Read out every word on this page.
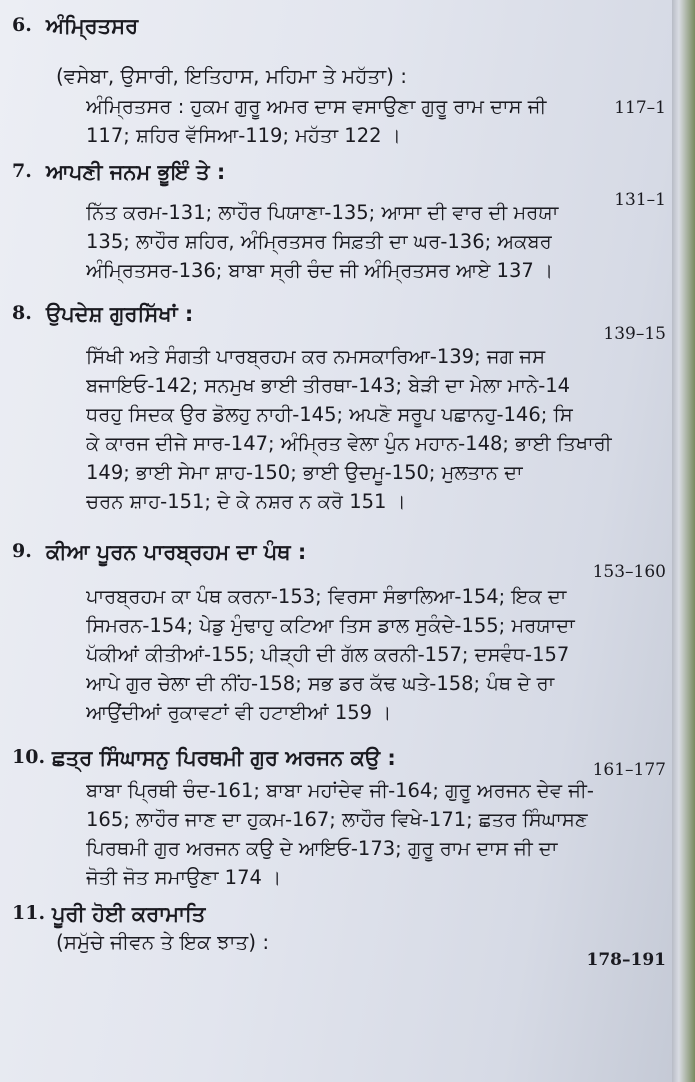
6. ਅੰਮ੍ਰਿਤਸਰ
(ਵਸੇਬਾ, ਉਸਾਰੀ, ਇਤਿਹਾਸ, ਮਹਿਮਾ ਤੇ ਮਹੱਤਾ) :
117–1
ਅੰਮ੍ਰਿਤਸਰ : ਹੁਕਮ ਗੁਰੂ ਅਮਰ ਦਾਸ ਵਸਾਉਣਾ ਗੁਰੂ ਰਾਮ ਦਾਸ ਜੀ
117; ਸ਼ਹਿਰ ਵੱਸਿਆ-119; ਮਹੱਤਾ 122 ।
7. ਆਪਣੀ ਜਨਮ ਭੂਇੰ ਤੇ :
131–1
ਨਿੱਤ ਕਰਮ-131; ਲਾਹੌਰ ਪਿਯਾਣਾ-135; ਆਸਾ ਦੀ ਵਾਰ ਦੀ ਮਰਯਾ
135; ਲਾਹੌਰ ਸ਼ਹਿਰ, ਅੰਮ੍ਰਿਤਸਰ ਸਿਫ਼ਤੀ ਦਾ ਘਰ-136; ਅਕਬਰ
ਅੰਮ੍ਰਿਤਸਰ-136; ਬਾਬਾ ਸ੍ਰੀ ਚੰਦ ਜੀ ਅੰਮ੍ਰਿਤਸਰ ਆਏ 137 ।
8. ਉਪਦੇਸ਼ ਗੁਰਸਿੱਖਾਂ :
139–15
ਸਿੱਖੀ ਅਤੇ ਸੰਗਤੀ ਪਾਰਬ੍ਰਹਮ ਕਰ ਨਮਸਕਾਰਿਆ-139; ਜਗ ਜਸ
ਬਜਾਇਓ-142; ਸਨਮੁਖ ਭਾਈ ਤੀਰਥਾ-143; ਬੇੜੀ ਦਾ ਮੇਲਾ ਮਾਨੇ-14
ਧਰਹੁ ਸਿਦਕ ਉਰ ਡੋਲਹੁ ਨਾਹੀ-145; ਅਪਣੋ ਸਰੂਪ ਪਛਾਨਹੁ-146; ਸਿ
ਕੇ ਕਾਰਜ ਦੀਜੇ ਸਾਰ-147; ਅੰਮ੍ਰਿਤ ਵੇਲਾ ਪੁੰਨ ਮਹਾਨ-148; ਭਾਈ ਤਿਖਾਰੀ
149; ਭਾਈ ਸੇਮਾ ਸ਼ਾਹ-150; ਭਾਈ ਉਦਮੂ-150; ਮੁਲਤਾਨ ਦਾ
ਚਰਨ ਸ਼ਾਹ-151; ਦੇ ਕੇ ਨਸ਼ਰ ਨ ਕਰੋ 151 ।
9. ਕੀਆ ਪੂਰਨ ਪਾਰਬ੍ਰਹਮ ਦਾ ਪੰਥ :
153–160
ਪਾਰਬ੍ਰਹਮ ਕਾ ਪੰਥ ਕਰਨਾ-153; ਵਿਰਸਾ ਸੰਭਾਲਿਆ-154; ਇਕ ਦਾ
ਸਿਮਰਨ-154; ਪੇਡੁ ਮੁੰਢਾਹੁ ਕਟਿਆ ਤਿਸ ਡਾਲ ਸੁਕੰਦੇ-155; ਮਰਯਾਦਾ
ਪੱਕੀਆਂ ਕੀਤੀਆਂ-155; ਪੀੜ੍ਹੀ ਦੀ ਗੱਲ ਕਰਨੀ-157; ਦਸਵੰਧ-157
ਆਪੇ ਗੁਰ ਚੇਲਾ ਦੀ ਨੀਂਹ-158; ਸਭ ਡਰ ਕੱਢ ਘਤੇ-158; ਪੰਥ ਦੇ ਰਾ
ਆਉਂਦੀਆਂ ਰੁਕਾਵਟਾਂ ਵੀ ਹਟਾਈਆਂ 159 ।
10. ਛਤ੍ਰ ਸਿੰਘਾਸਨੁ ਪਿਰਥਮੀ ਗੁਰ ਅਰਜਨ ਕਉ :	161–177
ਬਾਬਾ ਪ੍ਰਿਥੀ ਚੰਦ-161; ਬਾਬਾ ਮਹਾਂਦੇਵ ਜੀ-164; ਗੁਰੂ ਅਰਜਨ ਦੇਵ ਜੀ-
165; ਲਾਹੌਰ ਜਾਣ ਦਾ ਹੁਕਮ-167; ਲਾਹੌਰ ਵਿਖੇ-171; ਛਤਰ ਸਿੰਘਾਸਣ
ਪਿਰਥਮੀ ਗੁਰ ਅਰਜਨ ਕਉ ਦੇ ਆਇਓ-173; ਗੁਰੂ ਰਾਮ ਦਾਸ ਜੀ ਦਾ
ਜੋਤੀ ਜੋਤ ਸਮਾਉਣਾ 174 ।
11. ਪੂਰੀ ਹੋਈ ਕਰਾਮਾਤਿ
(ਸਮੁੱਚੇ ਜੀਵਨ ਤੇ ਇਕ ਝਾਤ) :
178–191
